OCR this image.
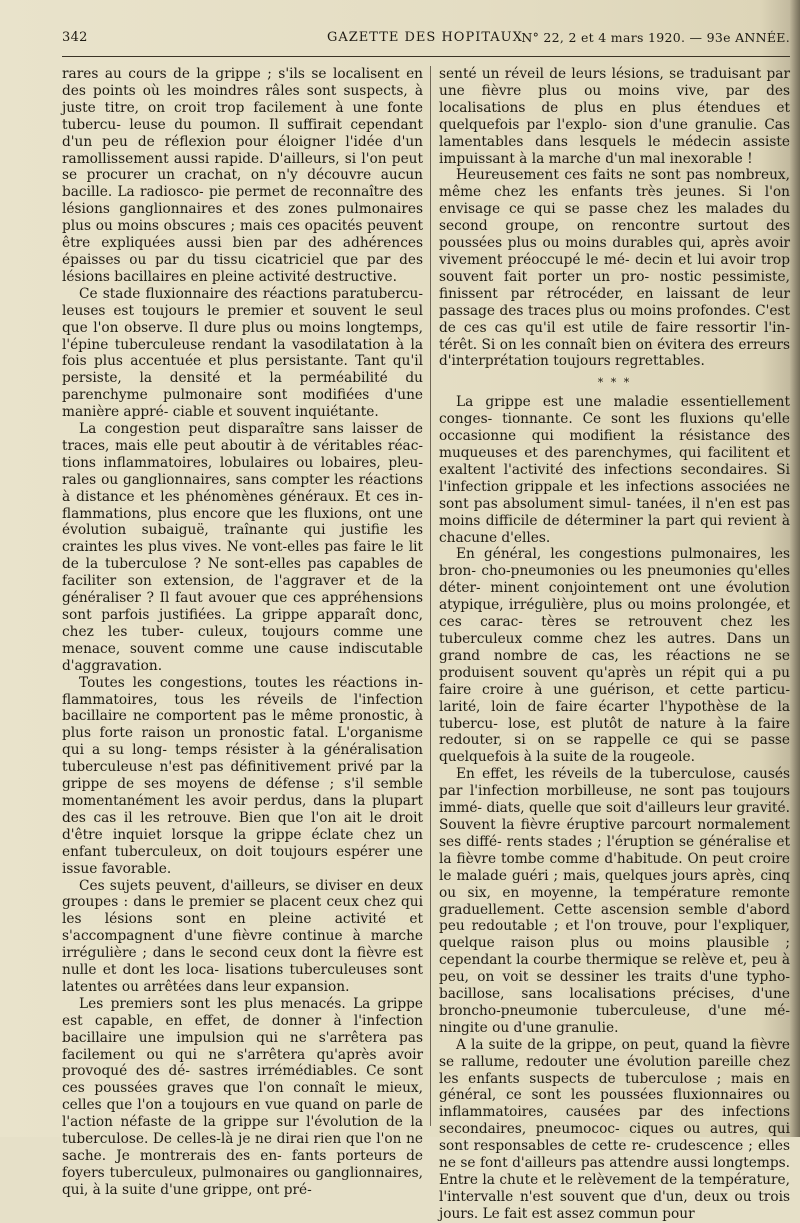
342	GAZETTE DES HOPITAUX
N° 22, 2 et 4 mars 1920. — 93e ANNÉE.

rares au cours de la grippe ; s'ils se localisent en des points où les moindres râles sont suspects, à juste titre, on croit trop facilement à une fonte tubercu- leuse du poumon. Il suffirait cependant d'un peu de réflexion pour éloigner l'idée d'un ramollissement aussi rapide. D'ailleurs, si l'on peut se procurer un crachat, on n'y découvre aucun bacille. La radiosco- pie permet de reconnaître des lésions ganglionnaires et des zones pulmonaires plus ou moins obscures ; mais ces opacités peuvent être expliquées aussi bien par des adhérences épaisses ou par du tissu cicatriciel que par des lésions bacillaires en pleine activité destructive.

Ce stade fluxionnaire des réactions paratubercu- leuses est toujours le premier et souvent le seul que l'on observe. Il dure plus ou moins longtemps, l'épine tuberculeuse rendant la vasodilatation à la fois plus accentuée et plus persistante. Tant qu'il persiste, la densité et la perméabilité du parenchyme pulmonaire sont modifiées d'une manière appré- ciable et souvent inquiétante.

La congestion peut disparaître sans laisser de traces, mais elle peut aboutir à de véritables réac- tions inflammatoires, lobulaires ou lobaires, pleu- rales ou ganglionnaires, sans compter les réactions à distance et les phénomènes généraux. Et ces in- flammations, plus encore que les fluxions, ont une évolution subaiguë, traînante qui justifie les craintes les plus vives. Ne vont-elles pas faire le lit de la tuberculose ? Ne sont-elles pas capables de faciliter son extension, de l'aggraver et de la généraliser ? Il faut avouer que ces appréhensions sont parfois justifiées. La grippe apparaît donc, chez les tuber- culeux, toujours comme une menace, souvent comme une cause indiscutable d'aggravation.

Toutes les congestions, toutes les réactions in- flammatoires, tous les réveils de l'infection bacillaire ne comportent pas le même pronostic, à plus forte raison un pronostic fatal. L'organisme qui a su long- temps résister à la généralisation tuberculeuse n'est pas définitivement privé par la grippe de ses moyens de défense ; s'il semble momentanément les avoir perdus, dans la plupart des cas il les retrouve. Bien que l'on ait le droit d'être inquiet lorsque la grippe éclate chez un enfant tuberculeux, on doit toujours espérer une issue favorable.

Ces sujets peuvent, d'ailleurs, se diviser en deux groupes : dans le premier se placent ceux chez qui les lésions sont en pleine activité et s'accompagnent d'une fièvre continue à marche irrégulière ; dans le second ceux dont la fièvre est nulle et dont les loca- lisations tuberculeuses sont latentes ou arrêtées dans leur expansion.

Les premiers sont les plus menacés. La grippe est capable, en effet, de donner à l'infection bacillaire une impulsion qui ne s'arrêtera pas facilement ou qui ne s'arrêtera qu'après avoir provoqué des dé- sastres irrémédiables. Ce sont ces poussées graves que l'on connaît le mieux, celles que l'on a toujours en vue quand on parle de l'action néfaste de la grippe sur l'évolution de la tuberculose. De celles-là je ne dirai rien que l'on ne sache. Je montrerais des en- fants porteurs de foyers tuberculeux, pulmonaires ou ganglionnaires, qui, à la suite d'une grippe, ont pré-

senté un réveil de leurs lésions, se traduisant par une fièvre plus ou moins vive, par des localisations de plus en plus étendues et quelquefois par l'explo- sion d'une granulie. Cas lamentables dans lesquels le médecin assiste impuissant à la marche d'un mal inexorable !

Heureusement ces faits ne sont pas nombreux, même chez les enfants très jeunes. Si l'on envisage ce qui se passe chez les malades du second groupe, on rencontre surtout des poussées plus ou moins durables qui, après avoir vivement préoccupé le mé- decin et lui avoir trop souvent fait porter un pro- nostic pessimiste, finissent par rétrocéder, en laissant de leur passage des traces plus ou moins profondes. C'est de ces cas qu'il est utile de faire ressortir l'in- térêt. Si on les connaît bien on évitera des erreurs d'interprétation toujours regrettables.

* * *

La grippe est une maladie essentiellement conges- tionnante. Ce sont les fluxions qu'elle occasionne qui modifient la résistance des muqueuses et des parenchymes, qui facilitent et exaltent l'activité des infections secondaires. Si l'infection grippale et les infections associées ne sont pas absolument simul- tanées, il n'en est pas moins difficile de déterminer la part qui revient à chacune d'elles.

En général, les congestions pulmonaires, les bron- cho-pneumonies ou les pneumonies qu'elles déter- minent conjointement ont une évolution atypique, irrégulière, plus ou moins prolongée, et ces carac- tères se retrouvent chez les tuberculeux comme chez les autres. Dans un grand nombre de cas, les réactions ne se produisent souvent qu'après un répit qui a pu faire croire à une guérison, et cette particu- larité, loin de faire écarter l'hypothèse de la tubercu- lose, est plutôt de nature à la faire redouter, si on se rappelle ce qui se passe quelquefois à la suite de la rougeole.

En effet, les réveils de la tuberculose, causés par l'infection morbilleuse, ne sont pas toujours immé- diats, quelle que soit d'ailleurs leur gravité. Souvent la fièvre éruptive parcourt normalement ses diffé- rents stades ; l'éruption se généralise et la fièvre tombe comme d'habitude. On peut croire le malade guéri ; mais, quelques jours après, cinq ou six, en moyenne, la température remonte graduellement. Cette ascension semble d'abord peu redoutable ; et l'on trouve, pour l'expliquer, quelque raison plus ou moins plausible ; cependant la courbe thermique se relève et, peu à peu, on voit se dessiner les traits d'une typho-bacillose, sans localisations précises, d'une broncho-pneumonie tuberculeuse, d'une mé- ningite ou d'une granulie.

A la suite de la grippe, on peut, quand la fièvre se rallume, redouter une évolution pareille chez les enfants suspects de tuberculose ; mais en général, ce sont les poussées fluxionnaires ou inflammatoires, causées par des infections secondaires, pneumococ- ciques ou autres, qui sont responsables de cette re- crudescence ; elles ne se font d'ailleurs pas attendre aussi longtemps. Entre la chute et le relèvement de la température, l'intervalle n'est souvent que d'un, deux ou trois jours. Le fait est assez commun pour
